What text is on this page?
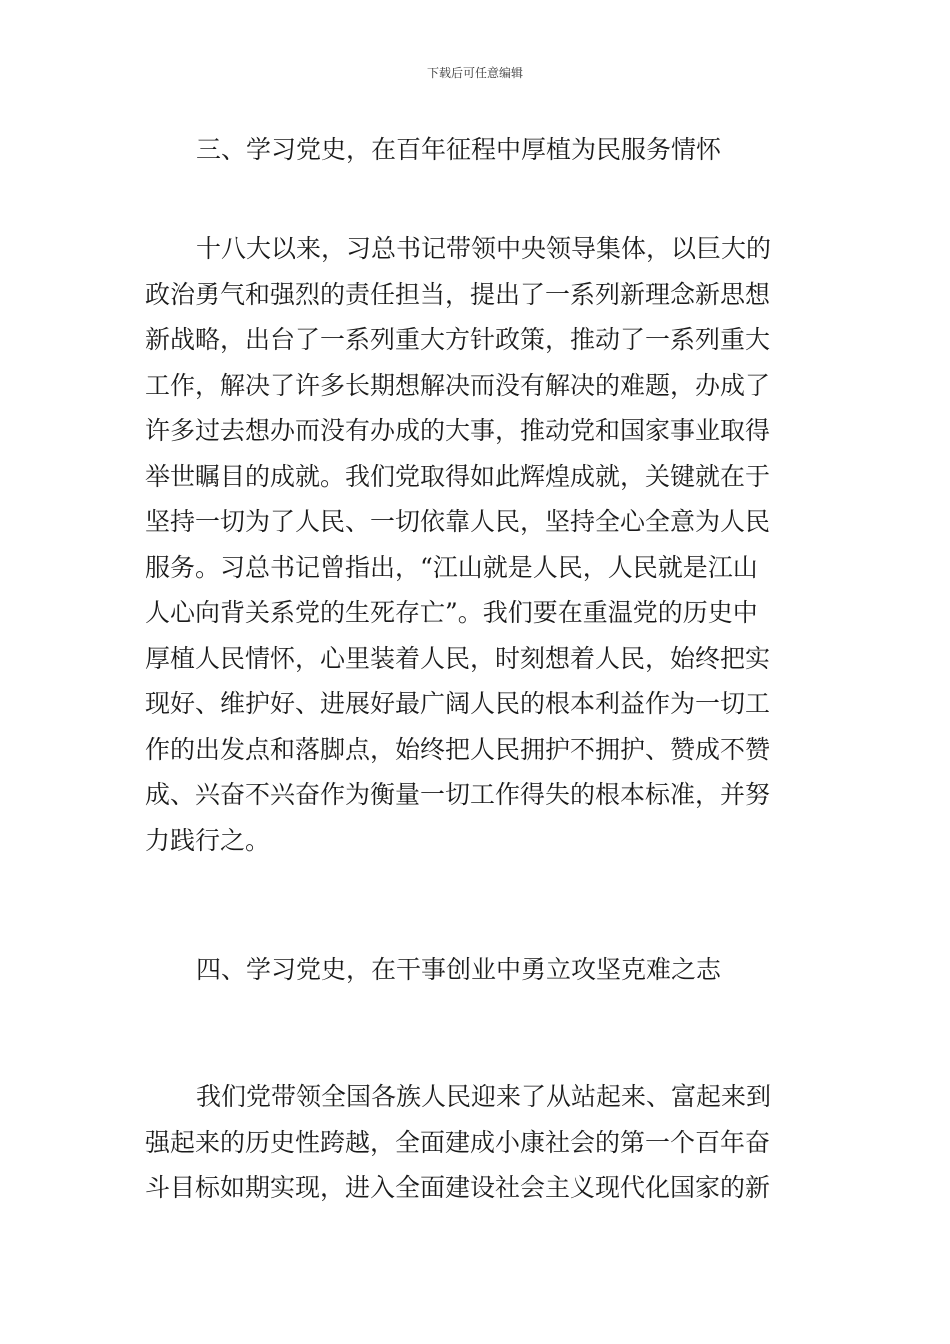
下载后可任意编辑
三、学习党史，在百年征程中厚植为民服务情怀
十八大以来，习总书记带领中央领导集体，以巨大的
政治勇气和强烈的责任担当，提出了一系列新理念新思想
新战略，出台了一系列重大方针政策，推动了一系列重大
工作，解决了许多长期想解决而没有解决的难题，办成了
许多过去想办而没有办成的大事，推动党和国家事业取得
举世瞩目的成就。我们党取得如此辉煌成就，关键就在于
坚持一切为了人民、一切依靠人民，坚持全心全意为人民
服务。习总书记曾指出，“江山就是人民，人民就是江山
人心向背关系党的生死存亡”。我们要在重温党的历史中
厚植人民情怀，心里装着人民，时刻想着人民，始终把实
现好、维护好、进展好最广阔人民的根本利益作为一切工
作的出发点和落脚点，始终把人民拥护不拥护、赞成不赞
成、兴奋不兴奋作为衡量一切工作得失的根本标准，并努
力践行之。
四、学习党史，在干事创业中勇立攻坚克难之志
我们党带领全国各族人民迎来了从站起来、富起来到
强起来的历史性跨越，全面建成小康社会的第一个百年奋
斗目标如期实现，进入全面建设社会主义现代化国家的新
